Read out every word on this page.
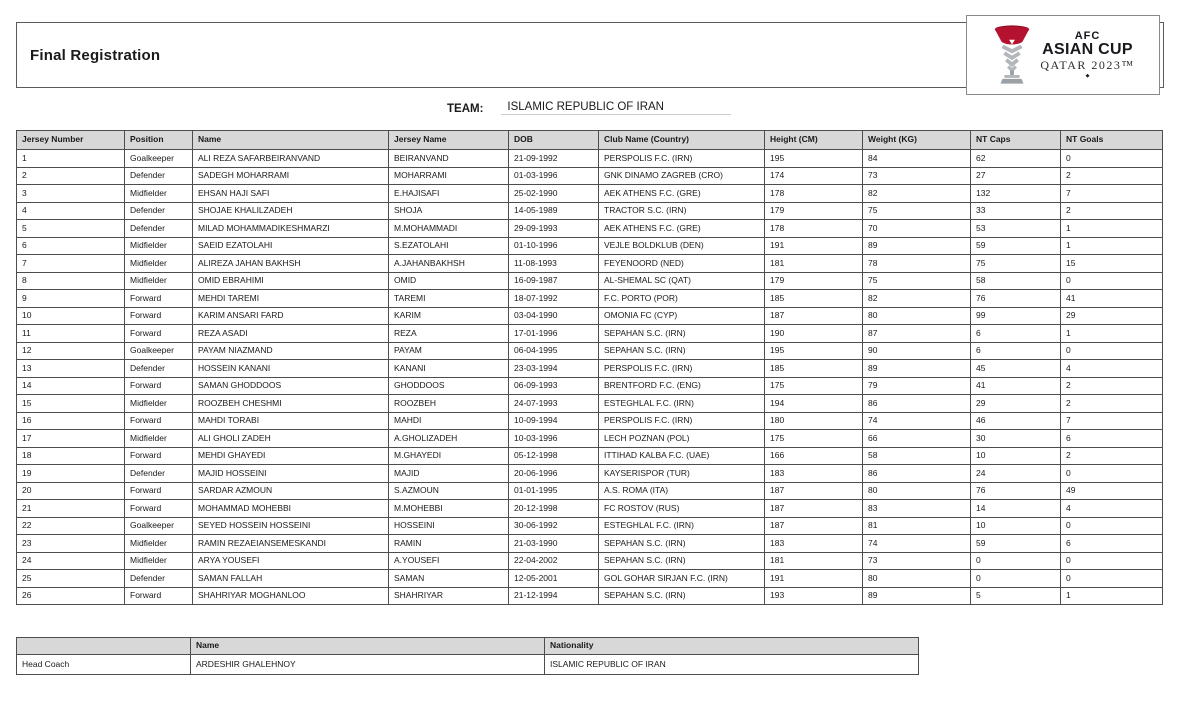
Final Registration
AFC
ASIAN CUP
QATAR 2023™
◆
TEAM:	ISLAMIC REPUBLIC OF IRAN
Jersey Number	Position	Name	Jersey Name	DOB	Club Name (Country)	Height (CM)	Weight (KG)	NT Caps	NT Goals
1	Goalkeeper	ALI REZA SAFARBEIRANVAND	BEIRANVAND	21-09-1992	PERSPOLIS F.C. (IRN)	195	84	62	0
2	Defender	SADEGH MOHARRAMI	MOHARRAMI	01-03-1996	GNK DINAMO ZAGREB (CRO)	174	73	27	2
3	Midfielder	EHSAN HAJI SAFI	E.HAJISAFI	25-02-1990	AEK ATHENS F.C. (GRE)	178	82	132	7
4	Defender	SHOJAE KHALILZADEH	SHOJA	14-05-1989	TRACTOR S.C. (IRN)	179	75	33	2
5	Defender	MILAD MOHAMMADIKESHMARZI	M.MOHAMMADI	29-09-1993	AEK ATHENS F.C. (GRE)	178	70	53	1
6	Midfielder	SAEID EZATOLAHI	S.EZATOLAHI	01-10-1996	VEJLE BOLDKLUB (DEN)	191	89	59	1
7	Midfielder	ALIREZA JAHAN BAKHSH	A.JAHANBAKHSH	11-08-1993	FEYENOORD (NED)	181	78	75	15
8	Midfielder	OMID EBRAHIMI	OMID	16-09-1987	AL-SHEMAL SC (QAT)	179	75	58	0
9	Forward	MEHDI TAREMI	TAREMI	18-07-1992	F.C. PORTO (POR)	185	82	76	41
10	Forward	KARIM ANSARI FARD	KARIM	03-04-1990	OMONIA FC (CYP)	187	80	99	29
11	Forward	REZA ASADI	REZA	17-01-1996	SEPAHAN S.C. (IRN)	190	87	6	1
12	Goalkeeper	PAYAM NIAZMAND	PAYAM	06-04-1995	SEPAHAN S.C. (IRN)	195	90	6	0
13	Defender	HOSSEIN KANANI	KANANI	23-03-1994	PERSPOLIS F.C. (IRN)	185	89	45	4
14	Forward	SAMAN GHODDOOS	GHODDOOS	06-09-1993	BRENTFORD F.C. (ENG)	175	79	41	2
15	Midfielder	ROOZBEH CHESHMI	ROOZBEH	24-07-1993	ESTEGHLAL F.C. (IRN)	194	86	29	2
16	Forward	MAHDI TORABI	MAHDI	10-09-1994	PERSPOLIS F.C. (IRN)	180	74	46	7
17	Midfielder	ALI GHOLI ZADEH	A.GHOLIZADEH	10-03-1996	LECH POZNAN (POL)	175	66	30	6
18	Forward	MEHDI GHAYEDI	M.GHAYEDI	05-12-1998	ITTIHAD KALBA F.C. (UAE)	166	58	10	2
19	Defender	MAJID HOSSEINI	MAJID	20-06-1996	KAYSERISPOR (TUR)	183	86	24	0
20	Forward	SARDAR AZMOUN	S.AZMOUN	01-01-1995	A.S. ROMA (ITA)	187	80	76	49
21	Forward	MOHAMMAD MOHEBBI	M.MOHEBBI	20-12-1998	FC ROSTOV (RUS)	187	83	14	4
22	Goalkeeper	SEYED HOSSEIN HOSSEINI	HOSSEINI	30-06-1992	ESTEGHLAL F.C. (IRN)	187	81	10	0
23	Midfielder	RAMIN REZAEIANSEMESKANDI	RAMIN	21-03-1990	SEPAHAN S.C. (IRN)	183	74	59	6
24	Midfielder	ARYA YOUSEFI	A.YOUSEFI	22-04-2002	SEPAHAN S.C. (IRN)	181	73	0	0
25	Defender	SAMAN FALLAH	SAMAN	12-05-2001	GOL GOHAR SIRJAN F.C. (IRN)	191	80	0	0
26	Forward	SHAHRIYAR MOGHANLOO	SHAHRIYAR	21-12-1994	SEPAHAN S.C. (IRN)	193	89	5	1
	Name	Nationality
Head Coach	ARDESHIR GHALEHNOY	ISLAMIC REPUBLIC OF IRAN
